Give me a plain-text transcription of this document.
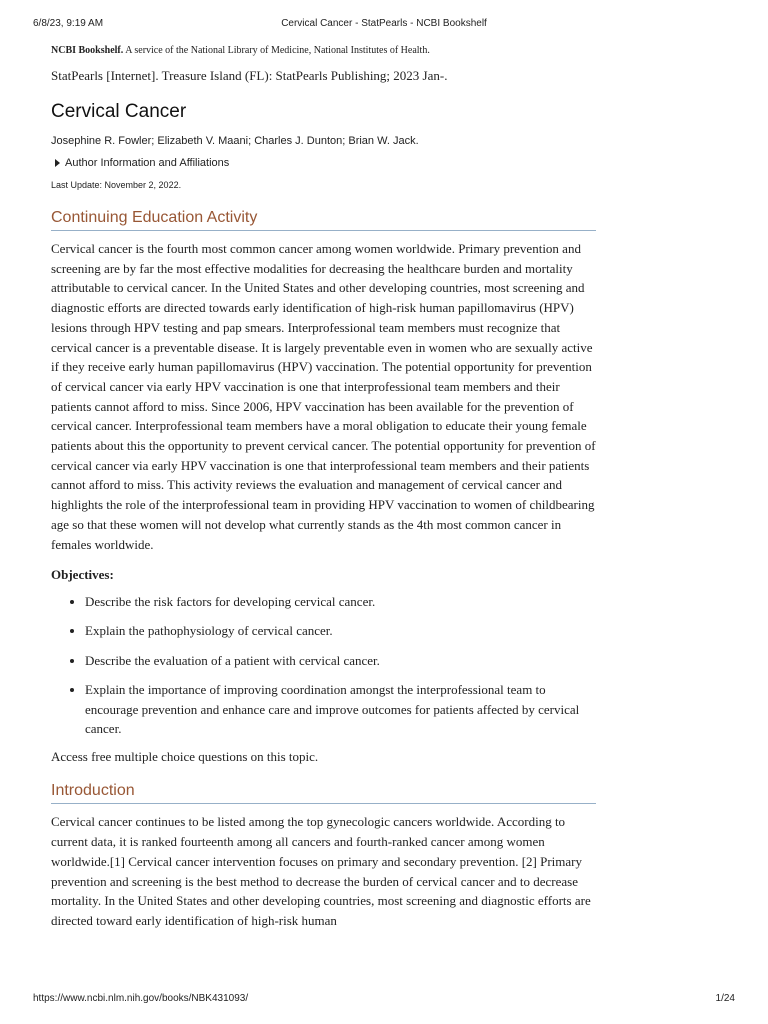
6/8/23, 9:19 AM	Cervical Cancer - StatPearls - NCBI Bookshelf

NCBI Bookshelf. A service of the National Library of Medicine, National Institutes of Health.

StatPearls [Internet]. Treasure Island (FL): StatPearls Publishing; 2023 Jan-.

Cervical Cancer

Josephine R. Fowler; Elizabeth V. Maani; Charles J. Dunton; Brian W. Jack.

Author Information and Affiliations

Last Update: November 2, 2022.

Continuing Education Activity

Cervical cancer is the fourth most common cancer among women worldwide. Primary prevention and screening are by far the most effective modalities for decreasing the healthcare burden and mortality attributable to cervical cancer. In the United States and other developing countries, most screening and diagnostic efforts are directed towards early identification of high-risk human papillomavirus (HPV) lesions through HPV testing and pap smears. Interprofessional team members must recognize that cervical cancer is a preventable disease. It is largely preventable even in women who are sexually active if they receive early human papillomavirus (HPV) vaccination. The potential opportunity for prevention of cervical cancer via early HPV vaccination is one that interprofessional team members and their patients cannot afford to miss. Since 2006, HPV vaccination has been available for the prevention of cervical cancer. Interprofessional team members have a moral obligation to educate their young female patients about this the opportunity to prevent cervical cancer. The potential opportunity for prevention of cervical cancer via early HPV vaccination is one that interprofessional team members and their patients cannot afford to miss. This activity reviews the evaluation and management of cervical cancer and highlights the role of the interprofessional team in providing HPV vaccination to women of childbearing age so that these women will not develop what currently stands as the 4th most common cancer in females worldwide.

Objectives:

• Describe the risk factors for developing cervical cancer.
• Explain the pathophysiology of cervical cancer.
• Describe the evaluation of a patient with cervical cancer.
• Explain the importance of improving coordination amongst the interprofessional team to encourage prevention and enhance care and improve outcomes for patients affected by cervical cancer.

Access free multiple choice questions on this topic.

Introduction

Cervical cancer continues to be listed among the top gynecologic cancers worldwide. According to current data, it is ranked fourteenth among all cancers and fourth-ranked cancer among women worldwide.[1] Cervical cancer intervention focuses on primary and secondary prevention. [2] Primary prevention and screening is the best method to decrease the burden of cervical cancer and to decrease mortality. In the United States and other developing countries, most screening and diagnostic efforts are directed toward early identification of high-risk human

https://www.ncbi.nlm.nih.gov/books/NBK431093/	1/24
